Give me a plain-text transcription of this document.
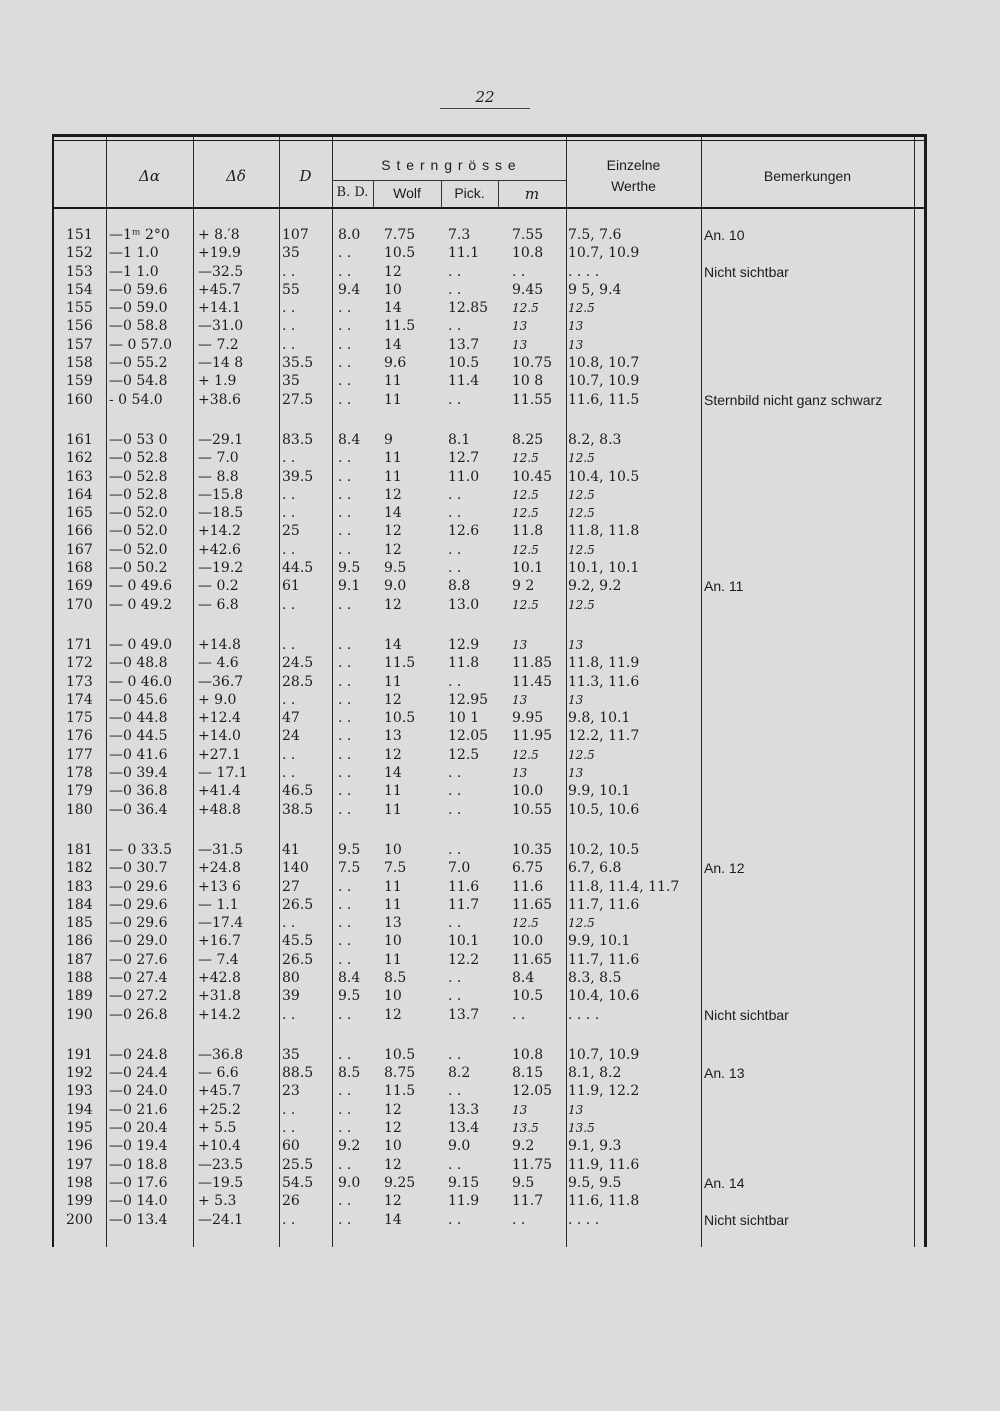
22
Δα	Δδ	D
S t e r n g r ö s s e
B. D.	Wolf	Pick.	m
Einzelne
Werthe
Bemerkungen
151	—1ᵐ 2°0	+ 8.′8	107	8.0	7.75	7.3	7.55	7.5, 7.6	An. 10
152	—1 1.0	+19.9	35	. .	10.5	11.1	10.8	10.7, 10.9
153	—1 1.0	—32.5	. .	. .	12	. .	. .	. . . .	Nicht sichtbar
154	—0 59.6	+45.7	55	9.4	10	. .	9.45	9 5, 9.4
155	—0 59.0	+14.1	. .	. .	14	12.85	12.5	12.5
156	—0 58.8	—31.0	. .	. .	11.5	. .	13	13
157	— 0 57.0	— 7.2	. .	. .	14	13.7	13	13
158	—0 55.2	—14 8	35.5	. .	9.6	10.5	10.75	10.8, 10.7
159	—0 54.8	+ 1.9	35	. .	11	11.4	10 8	10.7, 10.9
160	- 0 54.0	+38.6	27.5	. .	11	. .	11.55	11.6, 11.5	Sternbild nicht ganz schwarz
161	—0 53 0	—29.1	83.5	8.4	9	8.1	8.25	8.2, 8.3
162	—0 52.8	— 7.0	. .	. .	11	12.7	12.5	12.5
163	—0 52.8	— 8.8	39.5	. .	11	11.0	10.45	10.4, 10.5
164	—0 52.8	—15.8	. .	. .	12	. .	12.5	12.5
165	—0 52.0	—18.5	. .	. .	14	. .	12.5	12.5
166	—0 52.0	+14.2	25	. .	12	12.6	11.8	11.8, 11.8
167	—0 52.0	+42.6	. .	. .	12	. .	12.5	12.5
168	—0 50.2	—19.2	44.5	9.5	9.5	. .	10.1	10.1, 10.1
169	— 0 49.6	— 0.2	61	9.1	9.0	8.8	9 2	9.2, 9.2	An. 11
170	— 0 49.2	— 6.8	. .	. .	12	13.0	12.5	12.5
171	— 0 49.0	+14.8	. .	. .	14	12.9	13	13
172	—0 48.8	— 4.6	24.5	. .	11.5	11.8	11.85	11.8, 11.9
173	— 0 46.0	—36.7	28.5	. .	11	. .	11.45	11.3, 11.6
174	—0 45.6	+ 9.0	. .	. .	12	12.95	13	13
175	—0 44.8	+12.4	47	. .	10.5	10 1	9.95	9.8, 10.1
176	—0 44.5	+14.0	24	. .	13	12.05	11.95	12.2, 11.7
177	—0 41.6	+27.1	. .	. .	12	12.5	12.5	12.5
178	—0 39.4	— 17.1	. .	. .	14	. .	13	13
179	—0 36.8	+41.4	46.5	. .	11	. .	10.0	9.9, 10.1
180	—0 36.4	+48.8	38.5	. .	11	. .	10.55	10.5, 10.6
181	— 0 33.5	—31.5	41	9.5	10	. .	10.35	10.2, 10.5
182	—0 30.7	+24.8	140	7.5	7.5	7.0	6.75	6.7, 6.8	An. 12
183	—0 29.6	+13 6	27	. .	11	11.6	11.6	11.8, 11.4, 11.7
184	—0 29.6	— 1.1	26.5	. .	11	11.7	11.65	11.7, 11.6
185	—0 29.6	—17.4	. .	. .	13	. .	12.5	12.5
186	—0 29.0	+16.7	45.5	. .	10	10.1	10.0	9.9, 10.1
187	—0 27.6	— 7.4	26.5	. .	11	12.2	11.65	11.7, 11.6
188	—0 27.4	+42.8	80	8.4	8.5	. .	8.4	8.3, 8.5
189	—0 27.2	+31.8	39	9.5	10	. .	10.5	10.4, 10.6
190	—0 26.8	+14.2	. .	. .	12	13.7	. .	. . . .	Nicht sichtbar
191	—0 24.8	—36.8	35	. .	10.5	. .	10.8	10.7, 10.9
192	—0 24.4	— 6.6	88.5	8.5	8.75	8.2	8.15	8.1, 8.2	An. 13
193	—0 24.0	+45.7	23	. .	11.5	. .	12.05	11.9, 12.2
194	—0 21.6	+25.2	. .	. .	12	13.3	13	13
195	—0 20.4	+ 5.5	. .	. .	12	13.4	13.5	13.5
196	—0 19.4	+10.4	60	9.2	10	9.0	9.2	9.1, 9.3
197	—0 18.8	—23.5	25.5	. .	12	. .	11.75	11.9, 11.6
198	—0 17.6	—19.5	54.5	9.0	9.25	9.15	9.5	9.5, 9.5	An. 14
199	—0 14.0	+ 5.3	26	. .	12	11.9	11.7	11.6, 11.8
200	—0 13.4	—24.1	. .	. .	14	. .	. .	. . . .	Nicht sichtbar
